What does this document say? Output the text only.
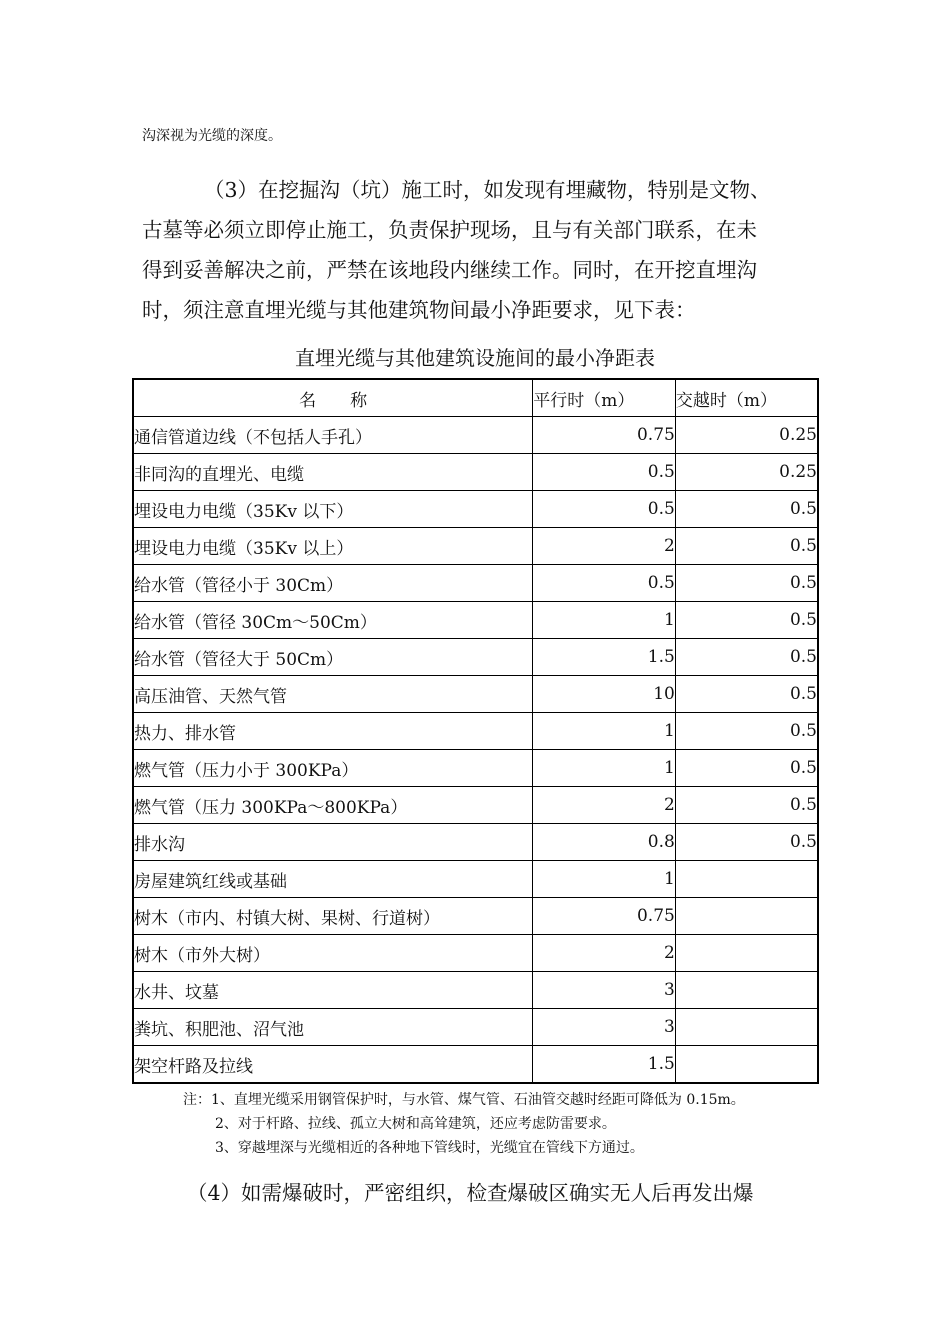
沟深视为光缆的深度。
（3）在挖掘沟（坑）施工时，如发现有埋藏物，特别是文物、
古墓等必须立即停止施工，负责保护现场，且与有关部门联系，在未
得到妥善解决之前，严禁在该地段内继续工作。同时，在开挖直埋沟
时，须注意直埋光缆与其他建筑物间最小净距要求，见下表：
直埋光缆与其他建筑设施间的最小净距表
名　　称	平行时（m）	交越时（m）
通信管道边线（不包括人手孔）	0.75	0.25
非同沟的直埋光、电缆	0.5	0.25
埋设电力电缆（35Kv 以下）	0.5	0.5
埋设电力电缆（35Kv 以上）	2	0.5
给水管（管径小于 30Cm）	0.5	0.5
给水管（管径 30Cm～50Cm）	1	0.5
给水管（管径大于 50Cm）	1.5	0.5
高压油管、天然气管	10	0.5
热力、排水管	1	0.5
燃气管（压力小于 300KPa）	1	0.5
燃气管（压力 300KPa～800KPa）	2	0.5
排水沟	0.8	0.5
房屋建筑红线或基础	1	
树木（市内、村镇大树、果树、行道树）	0.75	
树木（市外大树）	2	
水井、坟墓	3	
粪坑、积肥池、沼气池	3	
架空杆路及拉线	1.5	
注：1、直埋光缆采用钢管保护时，与水管、煤气管、石油管交越时经距可降低为 0.15m。
2、对于杆路、拉线、孤立大树和高耸建筑，还应考虑防雷要求。
3、穿越埋深与光缆相近的各种地下管线时，光缆宜在管线下方通过。
（4）如需爆破时，严密组织，检查爆破区确实无人后再发出爆
